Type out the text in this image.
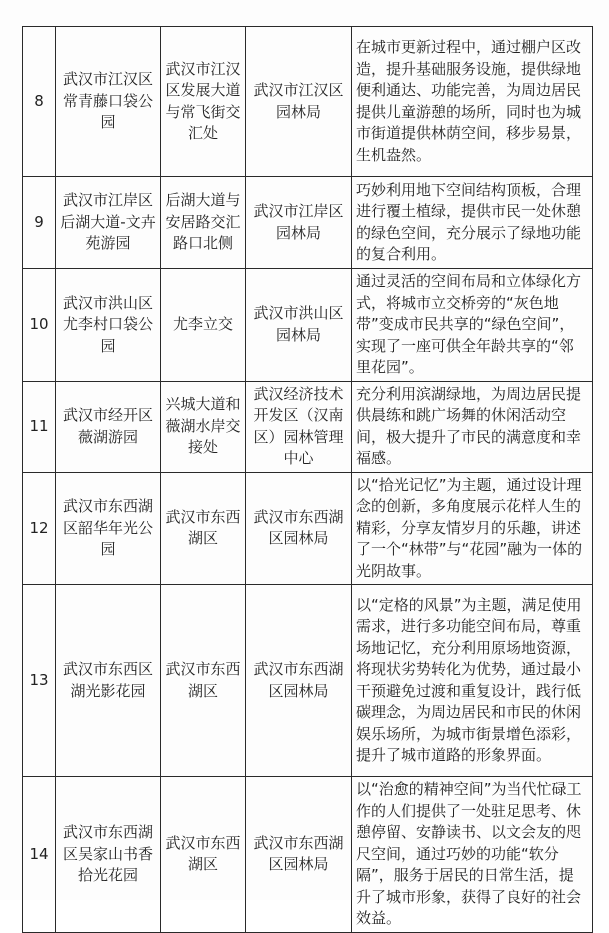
8	武汉市江汉区常青藤口袋公园	武汉市江汉区发展大道与常飞街交汇处	武汉市江汉区园林局	在城市更新过程中，通过棚户区改造，提升基础服务设施，提供绿地便利通达、功能完善，为周边居民提供儿童游憩的场所，同时也为城市街道提供林荫空间，移步易景，生机盎然。
9	武汉市江岸区后湖大道-文卉苑游园	后湖大道与安居路交汇路口北侧	武汉市江岸区园林局	巧妙利用地下空间结构顶板，合理进行覆土植绿，提供市民一处休憩的绿色空间，充分展示了绿地功能的复合利用。
10	武汉市洪山区尤李村口袋公园	尤李立交	武汉市洪山区园林局	通过灵活的空间布局和立体绿化方式，将城市立交桥旁的“灰色地带”变成市民共享的“绿色空间”，实现了一座可供全年龄共享的“邻里花园”。
11	武汉市经开区薇湖游园	兴城大道和薇湖水岸交接处	武汉经济技术开发区（汉南区）园林管理中心	充分利用滨湖绿地，为周边居民提供晨练和跳广场舞的休闲活动空间，极大提升了市民的满意度和幸福感。
12	武汉市东西湖区韶华年光公园	武汉市东西湖区	武汉市东西湖区园林局	以“拾光记忆”为主题，通过设计理念的创新，多角度展示花样人生的精彩，分享友情岁月的乐趣，讲述了一个“林带”与“花园”融为一体的光阴故事。
13	武汉市东西区湖光影花园	武汉市东西湖区	武汉市东西湖区园林局	以“定格的风景”为主题，满足使用需求，进行多功能空间布局，尊重场地记忆，充分利用原场地资源，将现状劣势转化为优势，通过最小干预避免过渡和重复设计，践行低碳理念，为周边居民和市民的休闲娱乐场所，为城市街景增色添彩，提升了城市道路的形象界面。
14	武汉市东西湖区吴家山书香拾光花园	武汉市东西湖区	武汉市东西湖区园林局	以“治愈的精神空间”为当代忙碌工作的人们提供了一处驻足思考、休憩停留、安静读书、以文会友的咫尺空间，通过巧妙的功能“软分隔”，服务于居民的日常生活，提升了城市形象，获得了良好的社会效益。
